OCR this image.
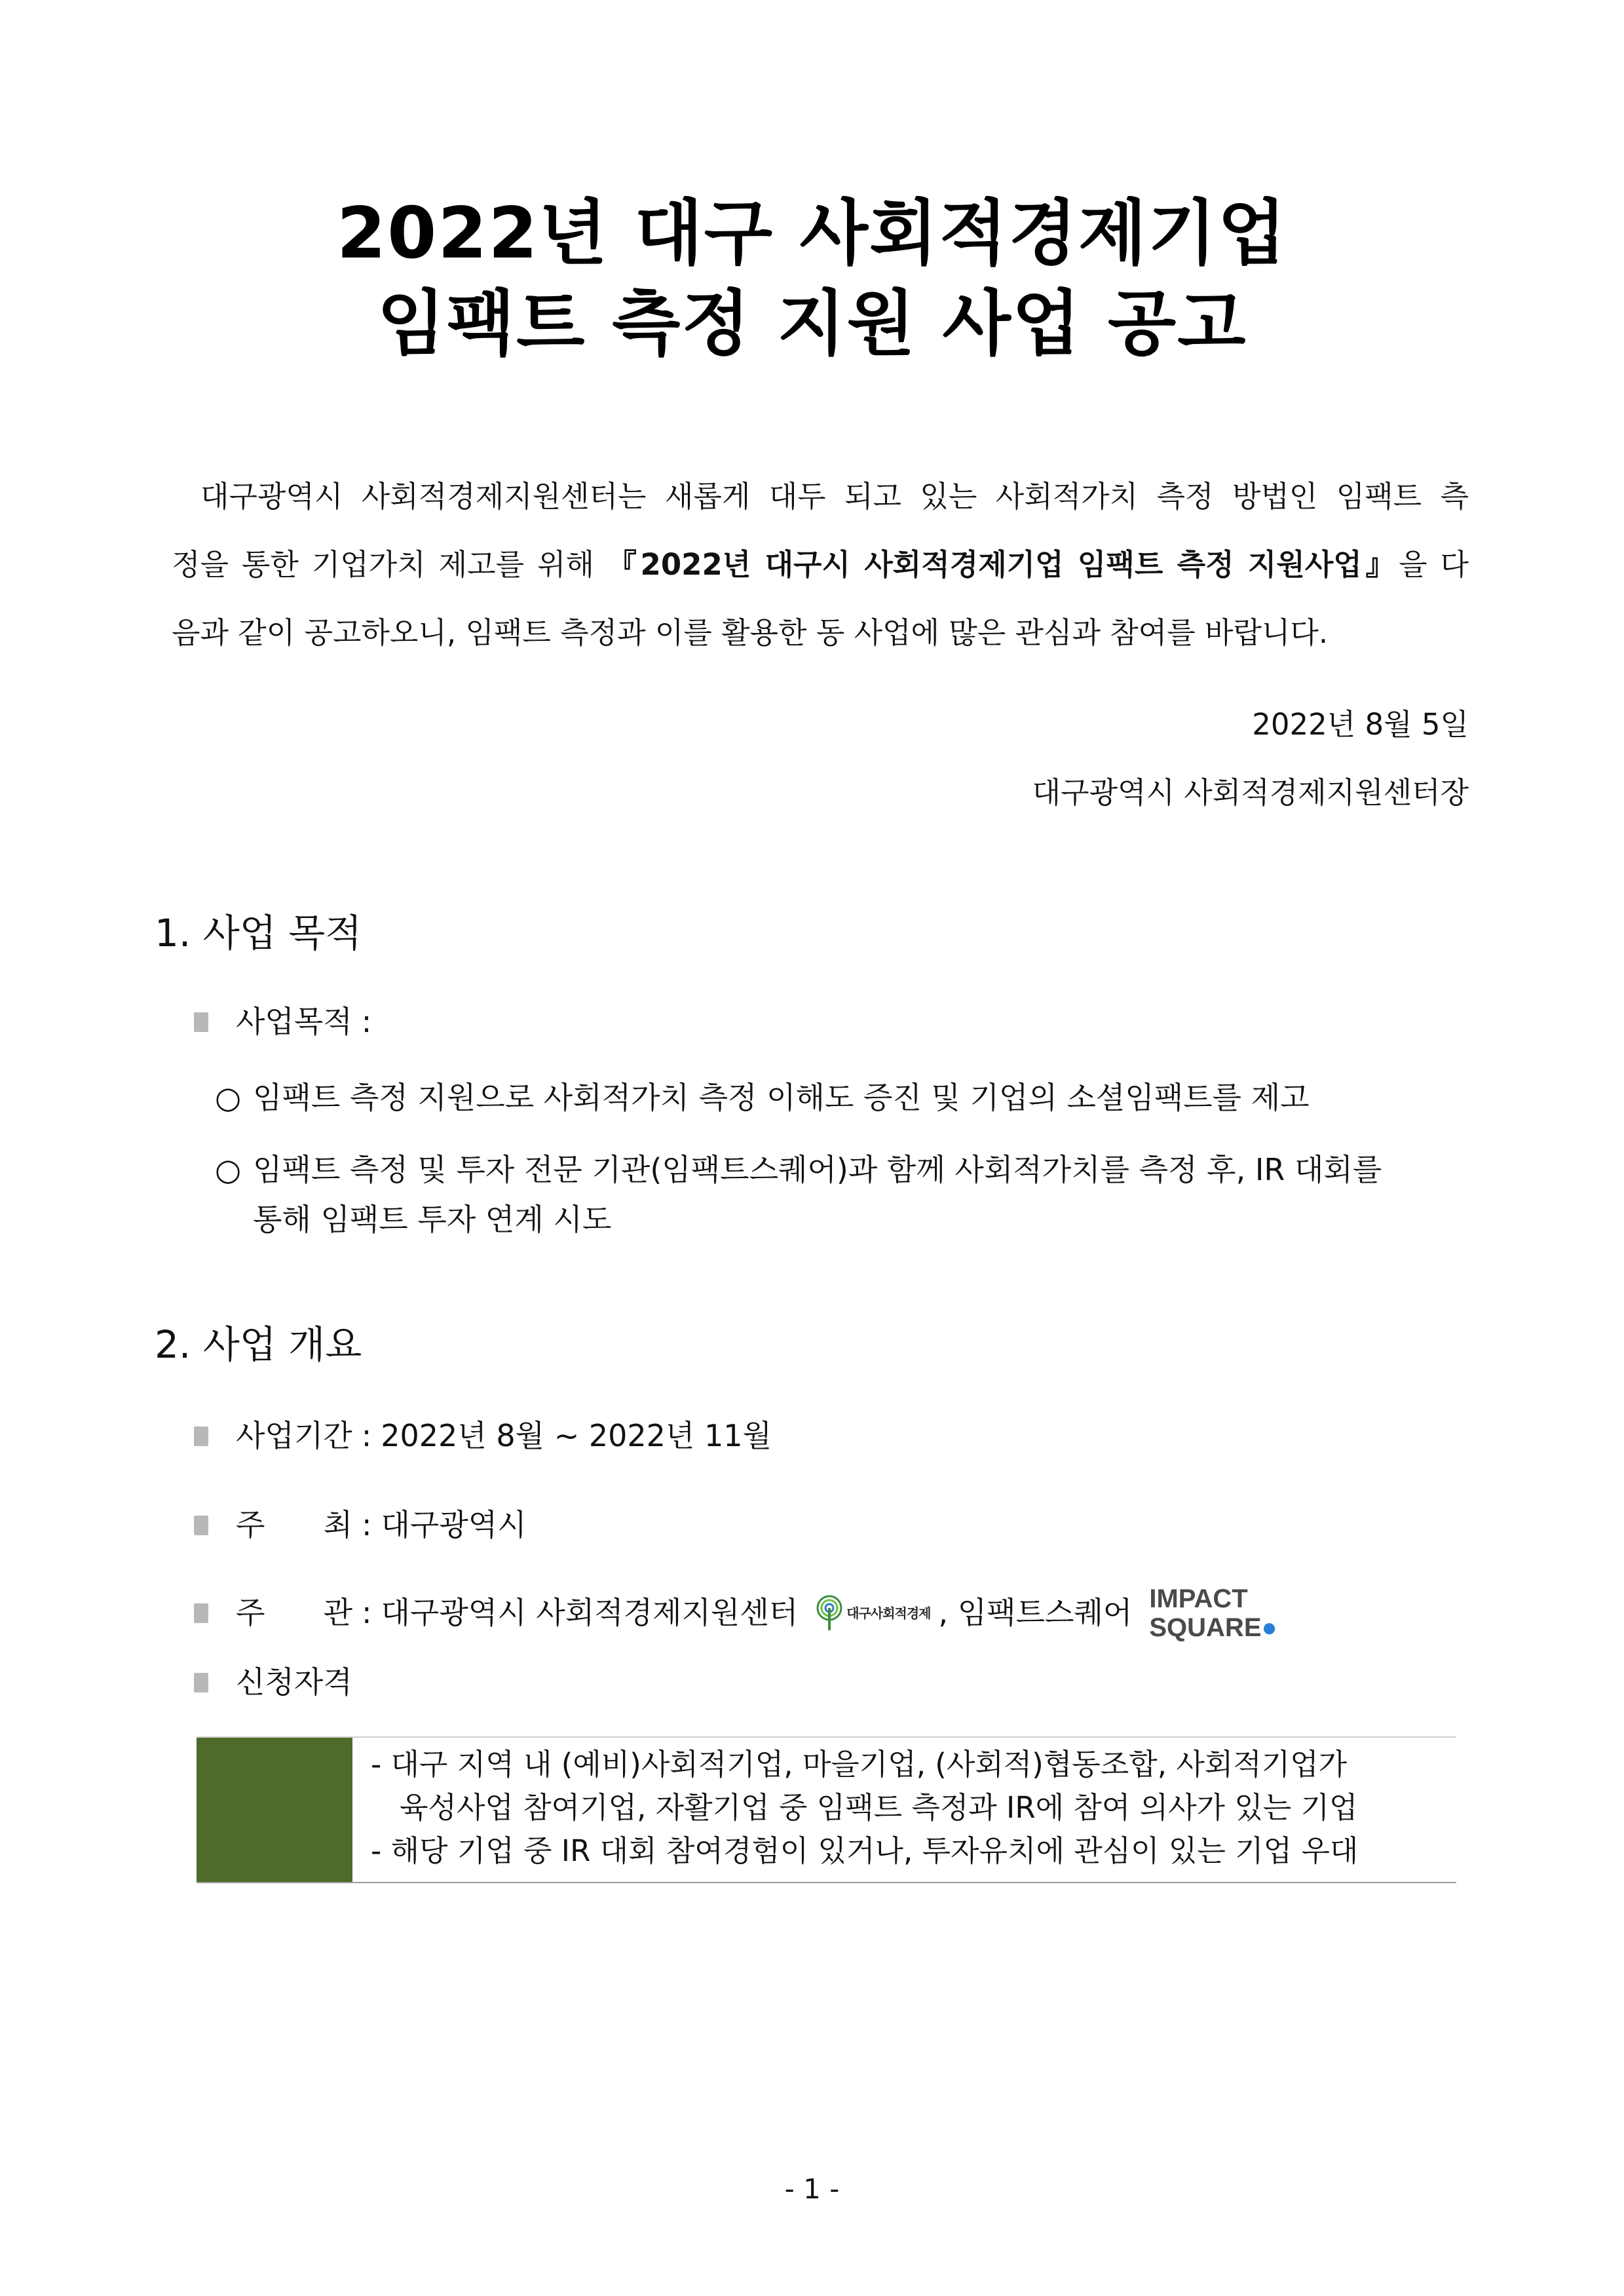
2022년 대구 사회적경제기업
임팩트 측정 지원 사업 공고
대구광역시 사회적경제지원센터는 새롭게 대두 되고 있는 사회적가치 측정 방법인 임팩트 측
정을 통한 기업가치 제고를 위해 『2022년 대구시 사회적경제기업 임팩트 측정 지원사업』을 다
음과 같이 공고하오니, 임팩트 측정과 이를 활용한 동 사업에 많은 관심과 참여를 바랍니다.
2022년 8월 5일
대구광역시 사회적경제지원센터장
1. 사업 목적
사업목적 :
○ 임팩트 측정 지원으로 사회적가치 측정 이해도 증진 및 기업의 소셜임팩트를 제고
○ 임팩트 측정 및 투자 전문 기관(임팩트스퀘어)과 함께 사회적가치를 측정 후, IR 대회를
통해 임팩트 투자 연계 시도
2. 사업 개요
사업기간 : 2022년 8월 ~ 2022년 11월
주 최 : 대구광역시
주 관 : 대구광역시 사회적경제지원센터	대구사회적경제 , 임팩트스퀘어 IMPACT
SQUARE●
신청자격
- 대구 지역 내 (예비)사회적기업, 마을기업, (사회적)협동조합, 사회적기업가
육성사업 참여기업, 자활기업 중 임팩트 측정과 IR에 참여 의사가 있는 기업
- 해당 기업 중 IR 대회 참여경험이 있거나, 투자유치에 관심이 있는 기업 우대
- 1 -
